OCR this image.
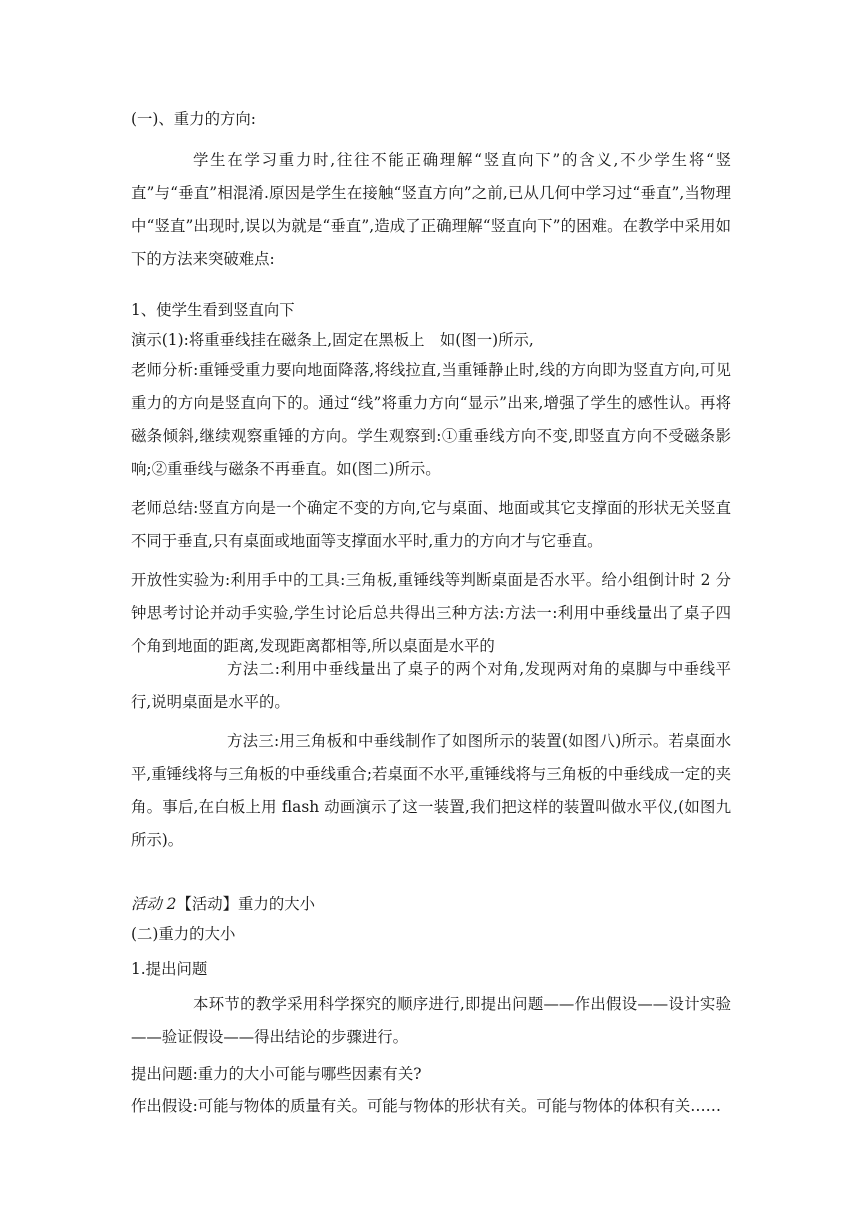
(一)、重力的方向:
学生在学习重力时,往往不能正确理解“竖直向下”的含义,不少学生将“竖直”与“垂直”相混淆.原因是学生在接触“竖直方向”之前,已从几何中学习过“垂直”,当物理中“竖直”出现时,误以为就是“垂直”,造成了正确理解“竖直向下”的困难。在教学中采用如下的方法来突破难点:
1、使学生看到竖直向下
演示(1):将重垂线挂在磁条上,固定在黑板上　如(图一)所示,
老师分析:重锤受重力要向地面降落,将线拉直,当重锤静止时,线的方向即为竖直方向,可见重力的方向是竖直向下的。通过“线”将重力方向“显示”出来,增强了学生的感性认。再将磁条倾斜,继续观察重锤的方向。学生观察到:①重垂线方向不变,即竖直方向不受磁条影响;②重垂线与磁条不再垂直。如(图二)所示。
老师总结:竖直方向是一个确定不变的方向,它与桌面、地面或其它支撑面的形状无关竖直不同于垂直,只有桌面或地面等支撑面水平时,重力的方向才与它垂直。
开放性实验为:利用手中的工具:三角板,重锤线等判断桌面是否水平。给小组倒计时 2 分钟思考讨论并动手实验,学生讨论后总共得出三种方法:方法一:利用中垂线量出了桌子四个角到地面的距离,发现距离都相等,所以桌面是水平的
方法二:利用中垂线量出了桌子的两个对角,发现两对角的桌脚与中垂线平行,说明桌面是水平的。
方法三:用三角板和中垂线制作了如图所示的装置(如图八)所示。若桌面水平,重锤线将与三角板的中垂线重合;若桌面不水平,重锤线将与三角板的中垂线成一定的夹角。事后,在白板上用 flash 动画演示了这一装置,我们把这样的装置叫做水平仪,(如图九所示)。
活动 2【活动】重力的大小
(二)重力的大小
1.提出问题
本环节的教学采用科学探究的顺序进行,即提出问题——作出假设——设计实验——验证假设——得出结论的步骤进行。
提出问题:重力的大小可能与哪些因素有关?
作出假设:可能与物体的质量有关。可能与物体的形状有关。可能与物体的体积有关……
